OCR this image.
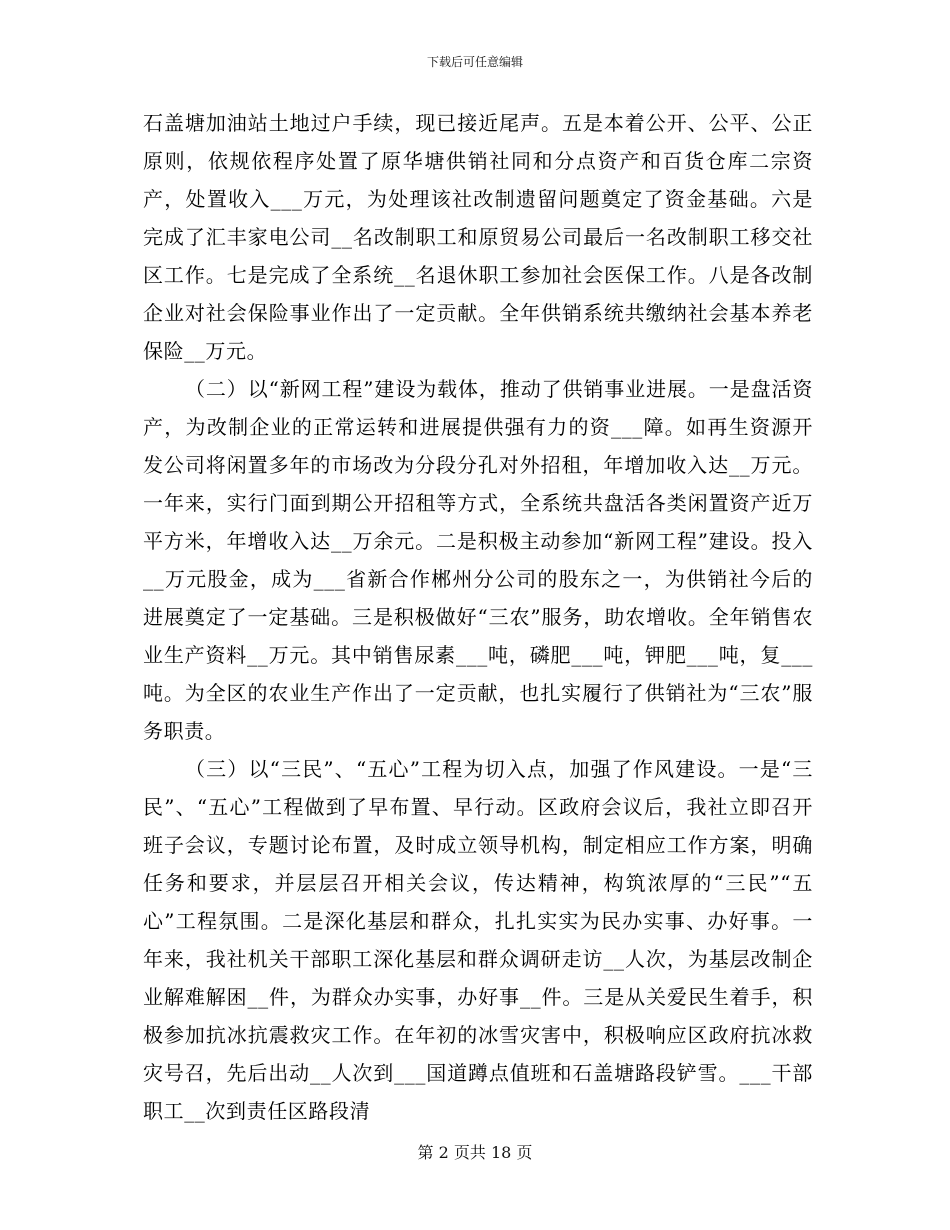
下载后可任意编辑

石盖塘加油站土地过户手续，现已接近尾声。五是本着公开、公平、公正原则，依规依程序处置了原华塘供销社同和分点资产和百货仓库二宗资产，处置收入___万元，为处理该社改制遗留问题奠定了资金基础。六是完成了汇丰家电公司__名改制职工和原贸易公司最后一名改制职工移交社区工作。七是完成了全系统__名退休职工参加社会医保工作。八是各改制企业对社会保险事业作出了一定贡献。全年供销系统共缴纳社会基本养老保险__万元。

（二）以“新网工程”建设为载体，推动了供销事业进展。一是盘活资产，为改制企业的正常运转和进展提供强有力的资___障。如再生资源开发公司将闲置多年的市场改为分段分孔对外招租，年增加收入达__万元。一年来，实行门面到期公开招租等方式，全系统共盘活各类闲置资产近万平方米，年增收入达__万余元。二是积极主动参加“新网工程”建设。投入__万元股金，成为___省新合作郴州分公司的股东之一，为供销社今后的进展奠定了一定基础。三是积极做好“三农”服务，助农增收。全年销售农业生产资料__万元。其中销售尿素___吨，磷肥___吨，钾肥___吨，复___吨。为全区的农业生产作出了一定贡献，也扎实履行了供销社为“三农”服务职责。

（三）以“三民”、“五心”工程为切入点，加强了作风建设。一是“三民”、“五心”工程做到了早布置、早行动。区政府会议后，我社立即召开班子会议，专题讨论布置，及时成立领导机构，制定相应工作方案，明确任务和要求，并层层召开相关会议，传达精神，构筑浓厚的“三民”“五心”工程氛围。二是深化基层和群众，扎扎实实为民办实事、办好事。一年来，我社机关干部职工深化基层和群众调研走访__人次，为基层改制企业解难解困__件，为群众办实事，办好事__件。三是从关爱民生着手，积极参加抗冰抗震救灾工作。在年初的冰雪灾害中，积极响应区政府抗冰救灾号召，先后出动__人次到___国道蹲点值班和石盖塘路段铲雪。___干部职工__次到责任区路段清

第 2 页共 18 页
